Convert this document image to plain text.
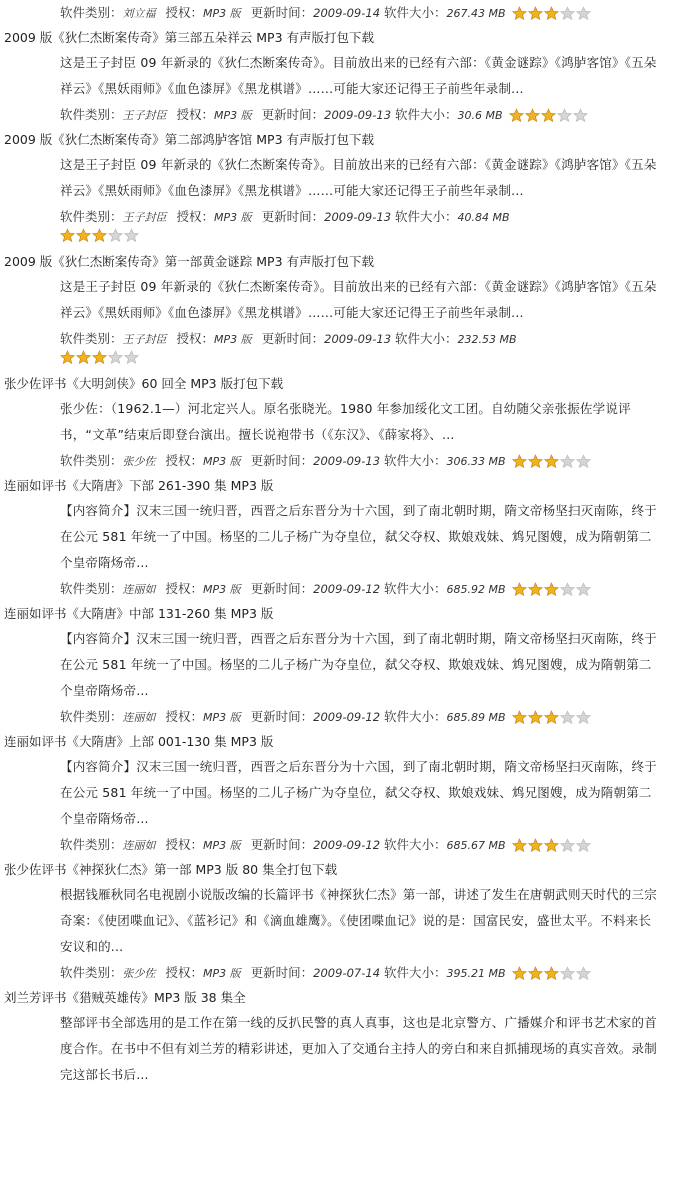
软件类别：刘立福 授权：MP3 版 更新时间：2009-09-14 软件大小：267.43 MB
2009 版《狄仁杰断案传奇》第三部五朵祥云 MP3 有声版打包下载

这是王子封臣 09 年新录的《狄仁杰断案传奇》。目前放出来的已经有六部：《黄金谜踪》《鸿胪客馆》《五朵祥云》《黑妖雨师》《血色漆屏》《黑龙棋谱》……可能大家还记得王子前些年录制...

软件类别：王子封臣 授权：MP3 版 更新时间：2009-09-13 软件大小：30.6 MB
2009 版《狄仁杰断案传奇》第二部鸿胪客馆 MP3 有声版打包下载

这是王子封臣 09 年新录的《狄仁杰断案传奇》。目前放出来的已经有六部：《黄金谜踪》《鸿胪客馆》《五朵祥云》《黑妖雨师》《血色漆屏》《黑龙棋谱》……可能大家还记得王子前些年录制...

软件类别：王子封臣 授权：MP3 版 更新时间：2009-09-13 软件大小：40.84 MB
2009 版《狄仁杰断案传奇》第一部黄金谜踪 MP3 有声版打包下载

这是王子封臣 09 年新录的《狄仁杰断案传奇》。目前放出来的已经有六部：《黄金谜踪》《鸿胪客馆》《五朵祥云》《黑妖雨师》《血色漆屏》《黑龙棋谱》……可能大家还记得王子前些年录制...

软件类别：王子封臣 授权：MP3 版 更新时间：2009-09-13 软件大小：232.53 MB
张少佐评书《大明剑侠》60 回全 MP3 版打包下载

张少佐：（1962.1—）河北定兴人。原名张晓光。1980 年参加绥化文工团。自幼随父亲张振佐学说评书，“文革”结束后即登台演出。擅长说袍带书（《东汉》、《薛家将》、...

软件类别：张少佐 授权：MP3 版 更新时间：2009-09-13 软件大小：306.33 MB
连丽如评书《大隋唐》下部 261-390 集 MP3 版

【内容简介】汉末三国一统归晋，西晋之后东晋分为十六国，到了南北朝时期，隋文帝杨坚扫灭南陈，终于在公元 581 年统一了中国。杨坚的二儿子杨广为夺皇位，弑父夺权、欺娘戏妹、鸩兄图嫂，成为隋朝第二个皇帝隋炀帝...

软件类别：连丽如 授权：MP3 版 更新时间：2009-09-12 软件大小：685.92 MB
连丽如评书《大隋唐》中部 131-260 集 MP3 版

【内容简介】汉末三国一统归晋，西晋之后东晋分为十六国，到了南北朝时期，隋文帝杨坚扫灭南陈，终于在公元 581 年统一了中国。杨坚的二儿子杨广为夺皇位，弑父夺权、欺娘戏妹、鸩兄图嫂，成为隋朝第二个皇帝隋炀帝...

软件类别：连丽如 授权：MP3 版 更新时间：2009-09-12 软件大小：685.89 MB
连丽如评书《大隋唐》上部 001-130 集 MP3 版

【内容简介】汉末三国一统归晋，西晋之后东晋分为十六国，到了南北朝时期，隋文帝杨坚扫灭南陈，终于在公元 581 年统一了中国。杨坚的二儿子杨广为夺皇位，弑父夺权、欺娘戏妹、鸩兄图嫂，成为隋朝第二个皇帝隋炀帝...

软件类别：连丽如 授权：MP3 版 更新时间：2009-09-12 软件大小：685.67 MB
张少佐评书《神探狄仁杰》第一部 MP3 版 80 集全打包下载

根据钱雁秋同名电视剧小说版改编的长篇评书《神探狄仁杰》第一部，讲述了发生在唐朝武则天时代的三宗奇案：《使团喋血记》、《蓝衫记》和《滴血雄鹰》。《使团喋血记》说的是：国富民安，盛世太平。不料来长安议和的...

软件类别：张少佐 授权：MP3 版 更新时间：2009-07-14 软件大小：395.21 MB
刘兰芳评书《猎贼英雄传》MP3 版 38 集全

整部评书全部选用的是工作在第一线的反扒民警的真人真事，这也是北京警方、广播媒介和评书艺术家的首度合作。在书中不但有刘兰芳的精彩讲述，更加入了交通台主持人的旁白和来自抓捕现场的真实音效。录制完这部长书后...
